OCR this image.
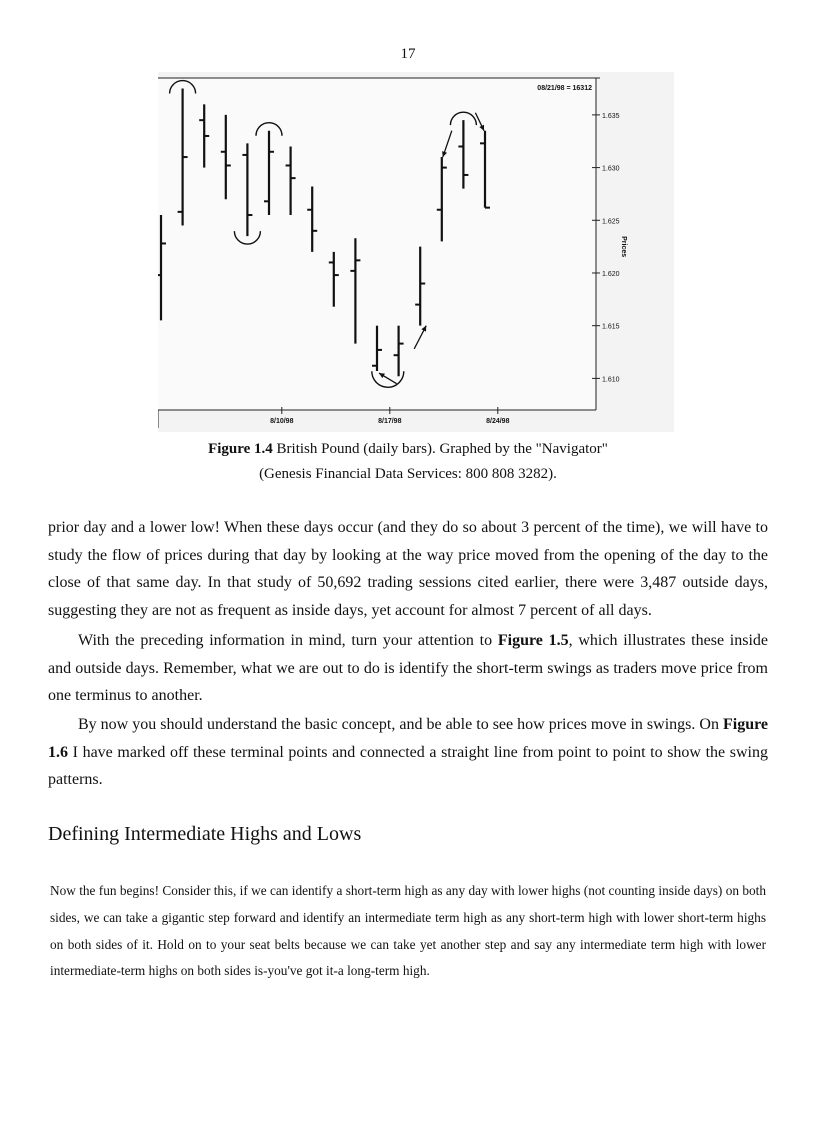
17
08/21/98 = 16312
1.635
1.630
1.625
1.620
1.615
1.610
Prices
8/10/98	8/17/98	8/24/98
Figure 1.4 British Pound (daily bars). Graphed by the "Navigator"
(Genesis Financial Data Services: 800 808 3282).

prior day and a lower low! When these days occur (and they do so about 3 percent of the time), we will have to study the flow of prices during that day by looking at the way price moved from the opening of the day to the close of that same day. In that study of 50,692 trading sessions cited earlier, there were 3,487 outside days, suggesting they are not as frequent as inside days, yet account for almost 7 percent of all days.

With the preceding information in mind, turn your attention to Figure 1.5, which illustrates these inside and outside days. Remember, what we are out to do is identify the short-term swings as traders move price from one terminus to another.

By now you should understand the basic concept, and be able to see how prices move in swings. On Figure 1.6 I have marked off these terminal points and connected a straight line from point to point to show the swing patterns.

Defining Intermediate Highs and Lows

Now the fun begins! Consider this, if we can identify a short-term high as any day with lower highs (not counting inside days) on both sides, we can take a gigantic step forward and identify an intermediate term high as any short-term high with lower short-term highs on both sides of it. Hold on to your seat belts because we can take yet another step and say any intermediate term high with lower intermediate-term highs on both sides is-you've got it-a long-term high.
